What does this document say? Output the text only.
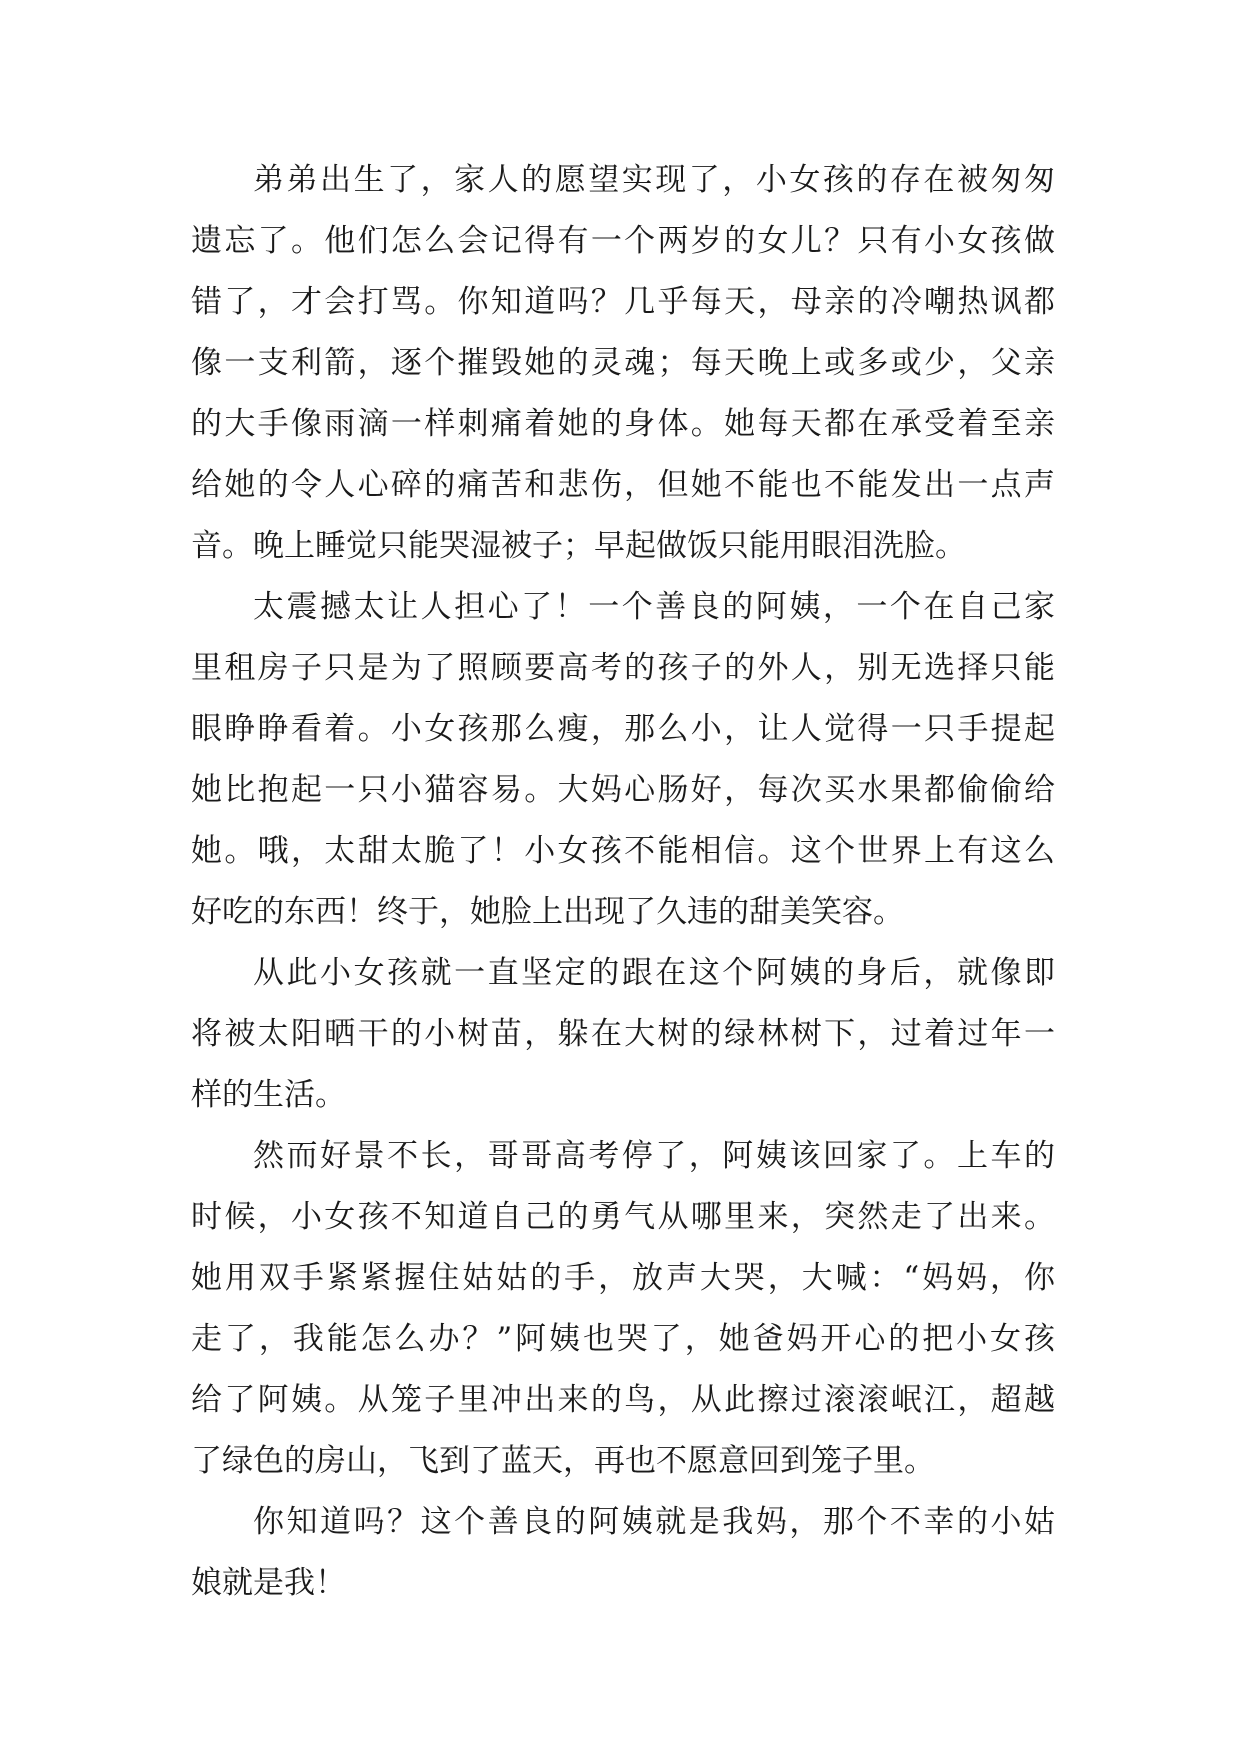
弟弟出生了，家人的愿望实现了，小女孩的存在被匆匆
遗忘了。他们怎么会记得有一个两岁的女儿？只有小女孩做
错了，才会打骂。你知道吗？几乎每天，母亲的冷嘲热讽都
像一支利箭，逐个摧毁她的灵魂；每天晚上或多或少，父亲
的大手像雨滴一样刺痛着她的身体。她每天都在承受着至亲
给她的令人心碎的痛苦和悲伤，但她不能也不能发出一点声
音。晚上睡觉只能哭湿被子；早起做饭只能用眼泪洗脸。
太震撼太让人担心了！一个善良的阿姨，一个在自己家
里租房子只是为了照顾要高考的孩子的外人，别无选择只能
眼睁睁看着。小女孩那么瘦，那么小，让人觉得一只手提起
她比抱起一只小猫容易。大妈心肠好，每次买水果都偷偷给
她。哦，太甜太脆了！小女孩不能相信。这个世界上有这么
好吃的东西！终于，她脸上出现了久违的甜美笑容。
从此小女孩就一直坚定的跟在这个阿姨的身后，就像即
将被太阳晒干的小树苗，躲在大树的绿林树下，过着过年一
样的生活。
然而好景不长，哥哥高考停了，阿姨该回家了。上车的
时候，小女孩不知道自己的勇气从哪里来，突然走了出来。
她用双手紧紧握住姑姑的手，放声大哭，大喊：“妈妈，你
走了，我能怎么办？”阿姨也哭了，她爸妈开心的把小女孩
给了阿姨。从笼子里冲出来的鸟，从此擦过滚滚岷江，超越
了绿色的房山，飞到了蓝天，再也不愿意回到笼子里。
你知道吗？这个善良的阿姨就是我妈，那个不幸的小姑
娘就是我！
